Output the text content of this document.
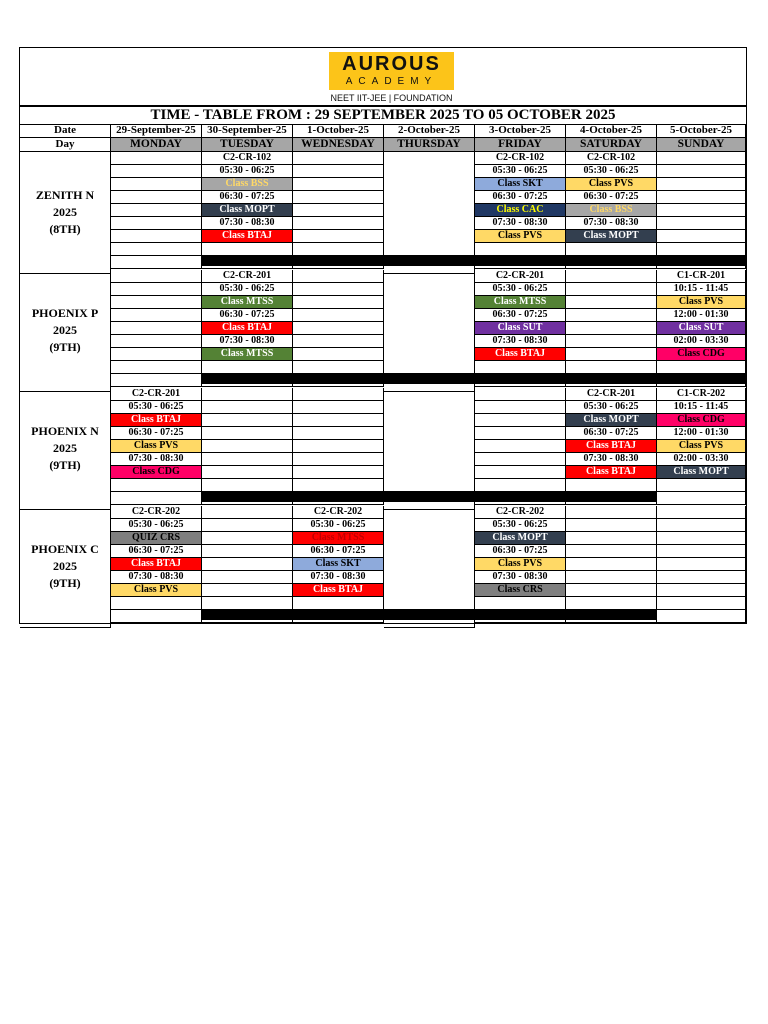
AUROUS
ACADEMY
NEET IIT-JEE | FOUNDATION
TIME - TABLE FROM : 29 SEPTEMBER 2025 TO 05 OCTOBER 2025
Date
Day
29-September-25
MONDAY
30-September-25
TUESDAY
1-October-25
WEDNESDAY
2-October-25
THURSDAY
3-October-25
FRIDAY
4-October-25
SATURDAY
5-October-25
SUNDAY
ZENITH N
2025
(8TH)
C2-CR-102
05:30 - 06:25
Class BSS
06:30 - 07:25
Class MOPT
07:30 - 08:30
Class BTAJ
C2-CR-102
05:30 - 06:25
Class SKT
06:30 - 07:25
Class CAC
07:30 - 08:30
Class PVS
C2-CR-102
05:30 - 06:25
Class PVS
06:30 - 07:25
Class BSS
07:30 - 08:30
Class MOPT
PHOENIX P
2025
(9TH)
C2-CR-201
05:30 - 06:25
Class MTSS
06:30 - 07:25
Class BTAJ
07:30 - 08:30
Class MTSS
C2-CR-201
05:30 - 06:25
Class MTSS
06:30 - 07:25
Class SUT
07:30 - 08:30
Class BTAJ
C1-CR-201
10:15 - 11:45
Class PVS
12:00 - 01:30
Class SUT
02:00 - 03:30
Class CDG
PHOENIX N
2025
(9TH)
C2-CR-201
05:30 - 06:25
Class BTAJ
06:30 - 07:25
Class PVS
07:30 - 08:30
Class CDG
C2-CR-201
05:30 - 06:25
Class MOPT
06:30 - 07:25
Class BTAJ
07:30 - 08:30
Class BTAJ
C1-CR-202
10:15 - 11:45
Class CDG
12:00 - 01:30
Class PVS
02:00 - 03:30
Class MOPT
PHOENIX C
2025
(9TH)
C2-CR-202
05:30 - 06:25
QUIZ CRS
06:30 - 07:25
Class BTAJ
07:30 - 08:30
Class PVS
C2-CR-202
05:30 - 06:25
Class MTSS
06:30 - 07:25
Class SKT
07:30 - 08:30
Class BTAJ
C2-CR-202
05:30 - 06:25
Class MOPT
06:30 - 07:25
Class PVS
07:30 - 08:30
Class CRS
